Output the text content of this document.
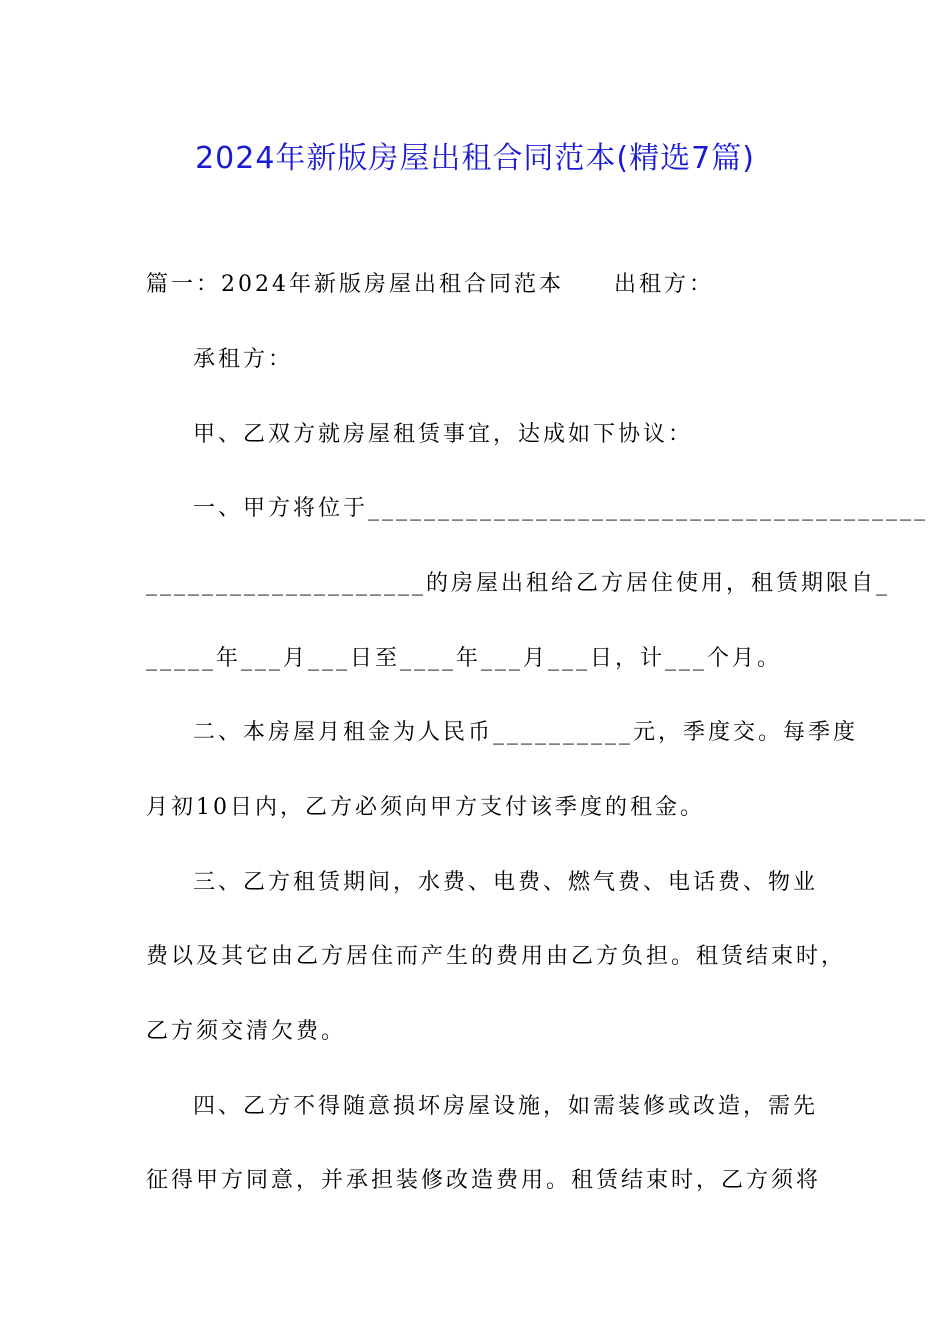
2024年新版房屋出租合同范本(精选7篇)
篇一：2024年新版房屋出租合同范本　　出租方：
承租方：
甲、乙双方就房屋租赁事宜，达成如下协议：
一、甲方将位于________________________________________
____________________的房屋出租给乙方居住使用，租赁期限自_
_____年___月___日至____年___月___日，计___个月。
二、本房屋月租金为人民币__________元，季度交。每季度
月初10日内，乙方必须向甲方支付该季度的租金。
三、乙方租赁期间，水费、电费、燃气费、电话费、物业
费以及其它由乙方居住而产生的费用由乙方负担。租赁结束时，
乙方须交清欠费。
四、乙方不得随意损坏房屋设施，如需装修或改造，需先
征得甲方同意，并承担装修改造费用。租赁结束时，乙方须将
